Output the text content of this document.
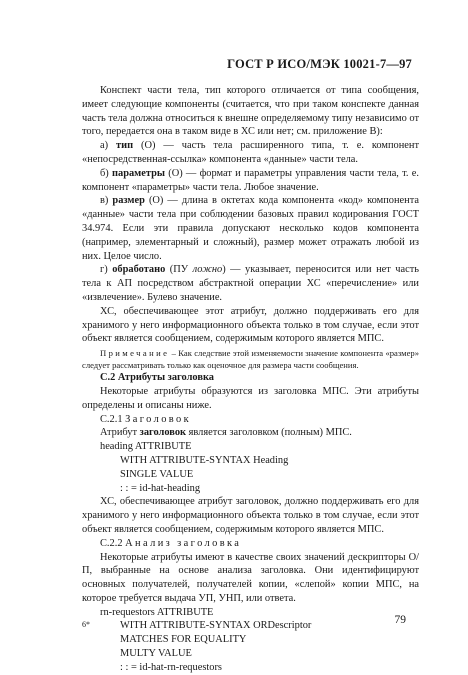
ГОСТ Р ИСО/МЭК 10021-7—97

Конспект части тела, тип которого отличается от типа сообщения, имеет следующие компоненты (считается, что при таком конспекте данная часть тела должна относиться к внешне определяемому типу независимо от того, передается она в таком виде в ХС или нет; см. приложение В):

а) тип (О) — часть тела расширенного типа, т. е. компонент «непосредственная-ссылка» компонента «данные» части тела.

б) параметры (О) — формат и параметры управления части тела, т. е. компонент «параметры» части тела. Любое значение.

в) размер (О) — длина в октетах кода компонента «код» компонента «данные» части тела при соблюдении базовых правил кодирования ГОСТ 34.974. Если эти правила допускают несколько кодов компонента (например, элементарный и сложный), размер может отражать любой из них. Целое число.

г) обработано (ПУ ложно) — указывает, переносится или нет часть тела к АП посредством абстрактной операции ХС «перечисление» или «извлечение». Булево значение.

ХС, обеспечивающее этот атрибут, должно поддерживать его для хранимого у него информационного объекта только в том случае, если этот объект является сообщением, содержимым которого является МПС.

Примечание – Как следствие этой изменяемости значение компонента «размер» следует рассматривать только как оценочное для размера части сообщения.

С.2 Атрибуты заголовка

Некоторые атрибуты образуются из заголовка МПС. Эти атрибуты определены и описаны ниже.

С.2.1 Заголовок

Атрибут заголовок является заголовком (полным) МПС.

heading ATTRIBUTE

WITH ATTRIBUTE-SYNTAX Heading

SINGLE VALUE

: : = id-hat-heading

ХС, обеспечивающее атрибут заголовок, должно поддерживать его для хранимого у него информационного объекта только в том случае, если этот объект является сообщением, содержимым которого является МПС.

С.2.2 Анализ заголовка

Некоторые атрибуты имеют в качестве своих значений дескрипторы О/П, выбранные на основе анализа заголовка. Они идентифицируют основных получателей, получателей копии, «слепой» копии МПС, на которое требуется выдача УП, УНП, или ответа.

rn-requestors ATTRIBUTE

WITH ATTRIBUTE-SYNTAX ORDescriptor

MATCHES FOR EQUALITY

MULTY VALUE

: : = id-hat-rn-requestors

6*	79
